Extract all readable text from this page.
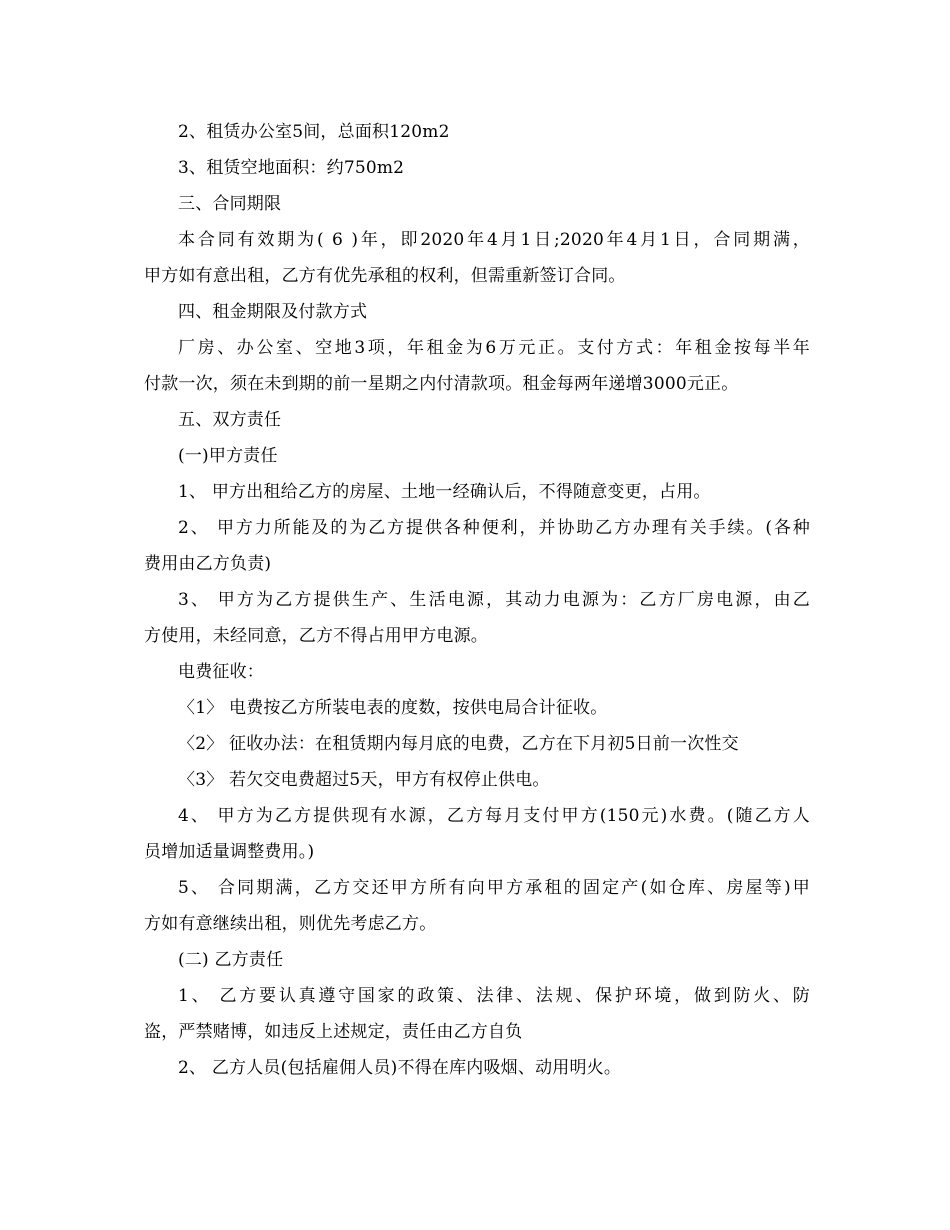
2、租赁办公室5间，总面积120m2
3、租赁空地面积：约750m2
三、合同期限
本合同有效期为( 6 )年，即2020年4月1日;2020年4月1日，合同期满，
甲方如有意出租，乙方有优先承租的权利，但需重新签订合同。
四、租金期限及付款方式
厂房、办公室、空地3项，年租金为6万元正。支付方式：年租金按每半年
付款一次，须在未到期的前一星期之内付清款项。租金每两年递增3000元正。
五、双方责任
(一)甲方责任
1、 甲方出租给乙方的房屋、土地一经确认后，不得随意变更，占用。
2、 甲方力所能及的为乙方提供各种便利，并协助乙方办理有关手续。(各种
费用由乙方负责)
3、 甲方为乙方提供生产、生活电源，其动力电源为：乙方厂房电源，由乙
方使用，未经同意，乙方不得占用甲方电源。
电费征收：
〈1〉 电费按乙方所装电表的度数，按供电局合计征收。
〈2〉 征收办法：在租赁期内每月底的电费，乙方在下月初5日前一次性交
〈3〉 若欠交电费超过5天，甲方有权停止供电。
4、 甲方为乙方提供现有水源，乙方每月支付甲方(150元)水费。(随乙方人
员增加适量调整费用。)
5、 合同期满，乙方交还甲方所有向甲方承租的固定产(如仓库、房屋等)甲
方如有意继续出租，则优先考虑乙方。
(二) 乙方责任
1、 乙方要认真遵守国家的政策、法律、法规、保护环境，做到防火、防
盗，严禁赌博，如违反上述规定，责任由乙方自负
2、 乙方人员(包括雇佣人员)不得在库内吸烟、动用明火。
